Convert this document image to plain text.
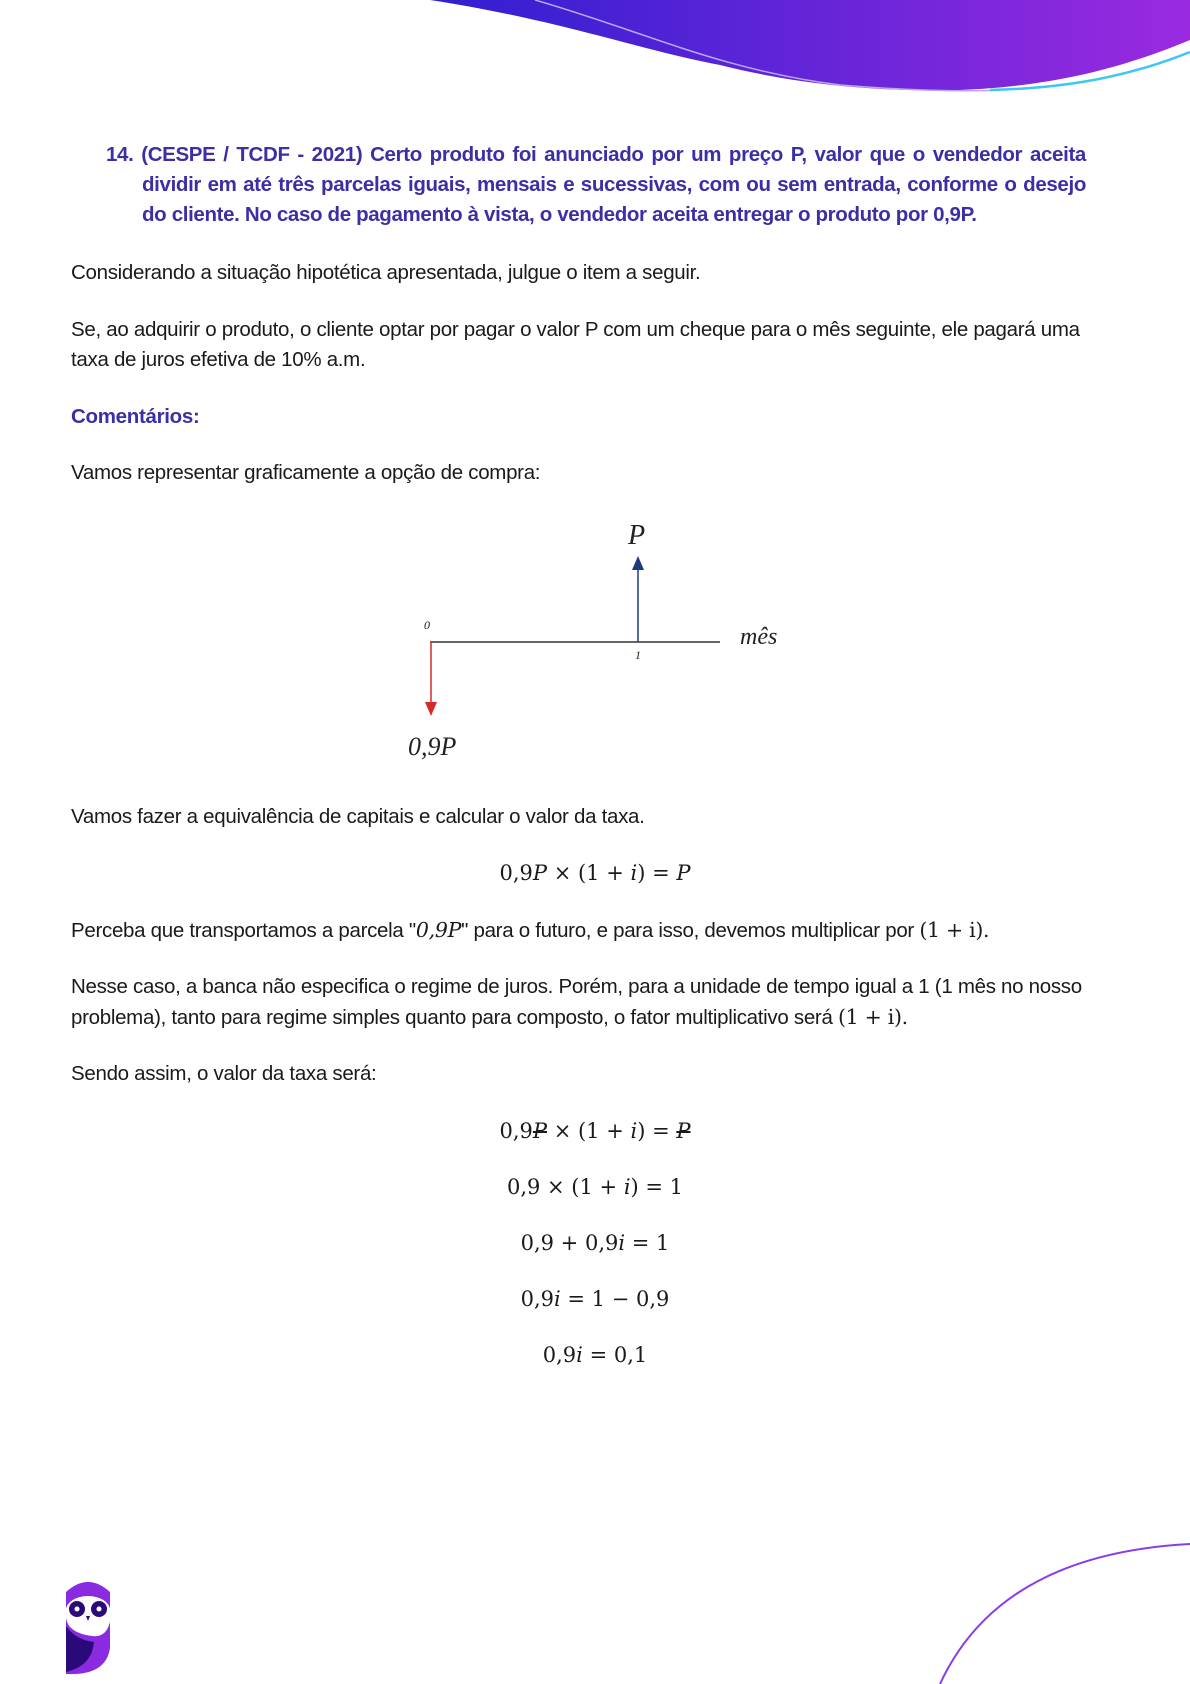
14. (CESPE / TCDF - 2021) Certo produto foi anunciado por um preço P, valor que o vendedor aceita dividir em até três parcelas iguais, mensais e sucessivas, com ou sem entrada, conforme o desejo do cliente. No caso de pagamento à vista, o vendedor aceita entregar o produto por 0,9P.
Considerando a situação hipotética apresentada, julgue o item a seguir.
Se, ao adquirir o produto, o cliente optar por pagar o valor P com um cheque para o mês seguinte, ele pagará uma taxa de juros efetiva de 10% a.m.
Comentários:
Vamos representar graficamente a opção de compra:
P
0
1
mês
0,9P
Vamos fazer a equivalência de capitais e calcular o valor da taxa.
0,9P × (1 + i) = P
Perceba que transportamos a parcela "0,9P" para o futuro, e para isso, devemos multiplicar por (1 + i).
Nesse caso, a banca não especifica o regime de juros. Porém, para a unidade de tempo igual a 1 (1 mês no nosso problema), tanto para regime simples quanto para composto, o fator multiplicativo será (1 + i).
Sendo assim, o valor da taxa será:
0,9P × (1 + i) = P
0,9 × (1 + i) = 1
0,9 + 0,9i = 1
0,9i = 1 − 0,9
0,9i = 0,1
